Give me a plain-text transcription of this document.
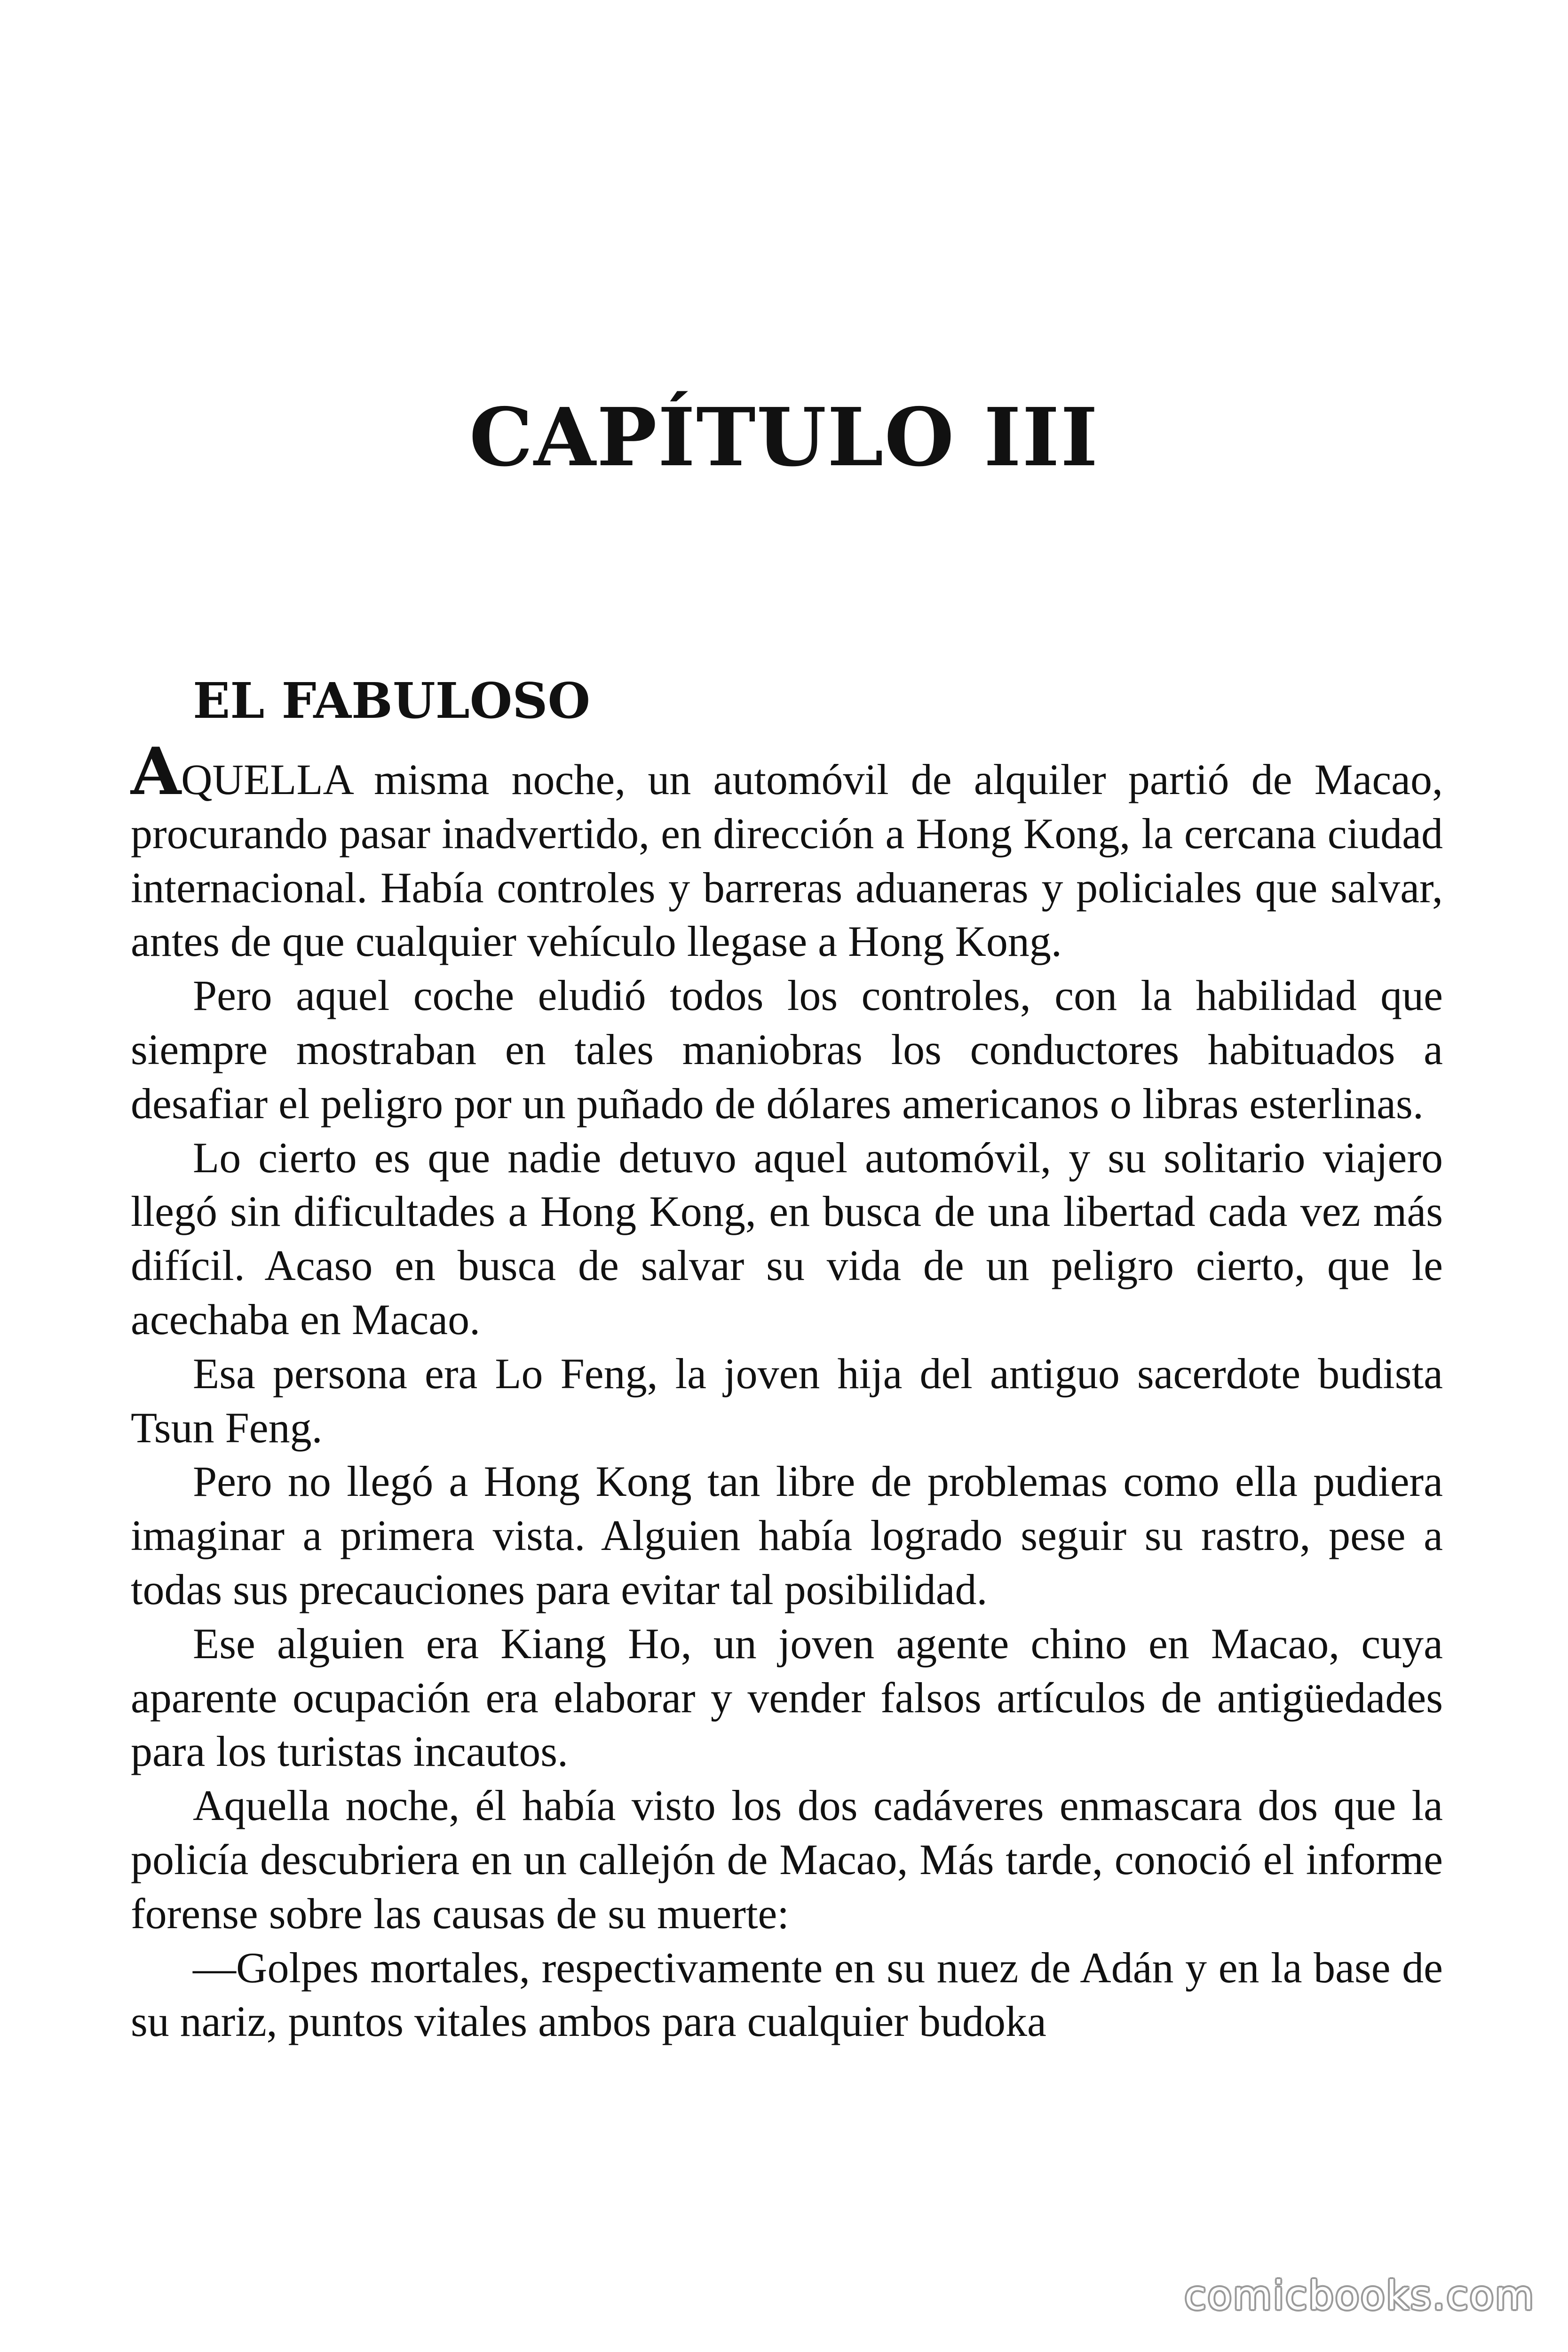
CAPÍTULO III
EL FABULOSO

AQUELLA misma noche, un automóvil de alquiler partió de Macao, procurando pasar inadvertido, en dirección a Hong Kong, la cercana ciudad internacional. Había controles y barreras aduaneras y policiales que salvar, antes de que cualquier vehículo llegase a Hong Kong.

Pero aquel coche eludió todos los controles, con la habilidad que siempre mostraban en tales maniobras los conductores habituados a desafiar el peligro por un puñado de dólares americanos o libras esterlinas.

Lo cierto es que nadie detuvo aquel automóvil, y su solitario viajero llegó sin dificultades a Hong Kong, en busca de una libertad cada vez más difícil. Acaso en busca de salvar su vida de un peligro cierto, que le acechaba en Macao.

Esa persona era Lo Feng, la joven hija del antiguo sacerdote budista Tsun Feng.

Pero no llegó a Hong Kong tan libre de problemas como ella pudiera imaginar a primera vista. Alguien había logrado seguir su rastro, pese a todas sus precauciones para evitar tal posibilidad.

Ese alguien era Kiang Ho, un joven agente chino en Macao, cuya aparente ocupación era elaborar y vender falsos artículos de antigüedades para los turistas incautos.

Aquella noche, él había visto los dos cadáveres enmascara dos que la policía descubriera en un callejón de Macao, Más tarde, conoció el informe forense sobre las causas de su muerte:

—Golpes mortales, respectivamente en su nuez de Adán y en la base de su nariz, puntos vitales ambos para cualquier budoka

comicbooks.com
